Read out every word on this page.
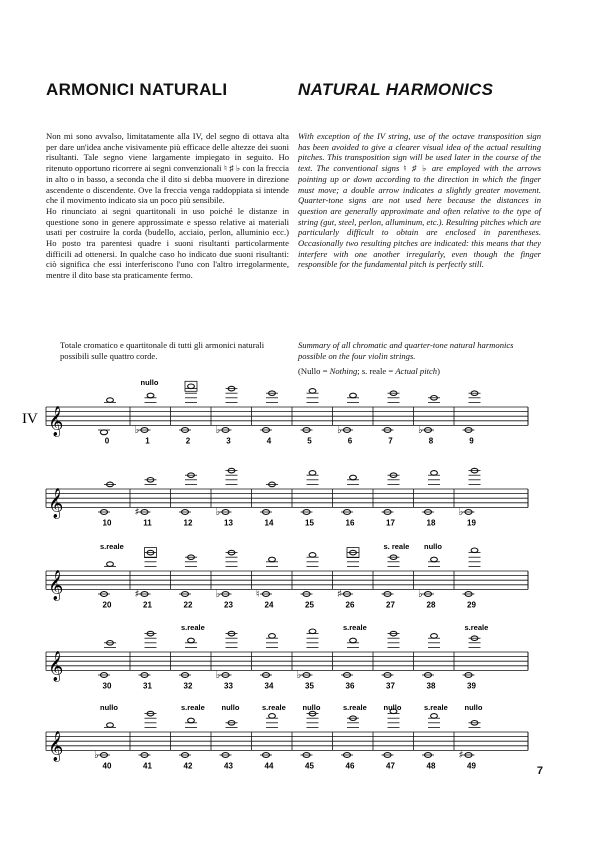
ARMONICI NATURALI	NATURAL HARMONICS

Non mi sono avvalso, limitatamente alla IV, del segno di ottava alta per dare un'idea anche visivamente più efficace delle altezze dei suoni risultanti. Tale segno viene largamente impiegato in seguito. Ho ritenuto opportuno ricorrere ai segni convenzionali ♮ ♯ ♭ con la freccia in alto o in basso, a seconda che il dito si debba muovere in direzione ascendente o discendente. Ove la freccia venga raddoppiata si intende che il movimento indicato sia un poco più sensibile.

Ho rinunciato ai segni quartitonali in uso poiché le distanze in questione sono in genere approssimate e spesso relative ai materiali usati per costruire la corda (budello, acciaio, perlon, alluminio ecc.) Ho posto tra parentesi quadre i suoni risultanti particolarmente difficili ad ottenersi. In qualche caso ho indicato due suoni risultanti: ciò significa che essi interferiscono l'uno con l'altro irregolarmente, mentre il dito base sta praticamente fermo.

With exception of the IV string, use of the octave transposition sign has been avoided to give a clearer visual idea of the actual resulting pitches. This transposition sign will be used later in the course of the text. The conventional signs ♮ ♯ ♭ are employed with the arrows pointing up or down according to the direction in which the finger must move; a double arrow indicates a slightly greater movement. Quarter-tone signs are not used here because the distances in question are generally approximate and often relative to the type of string (gut, steel, perlon, alluminum, etc.). Resulting pitches which are particularly difficult to obtain are enclosed in parentheses. Occasionally two resulting pitches are indicated: this means that they interfere with one another irregularly, even though the finger responsible for the fundamental pitch is perfectly still.

Totale cromatico e quartitonale di tutti gli armonici naturali possibili sulle quattro corde.
Summary of all chromatic and quarter-tone natural harmonics possible on the four violin strings.
(Nullo = Nothing; s. reale = Actual pitch)
IV 𝄞
0
♭
nullo
1	2
♭
3	4	5
♭
6	7
♭
8	9
𝄞
10
♯
11	12
♭
13	14	15	16	17	18
♭
19
𝄞
s.reale
20
♯
21	22
♭
23
♮
24	25
♯
26
s. reale
27
♭
nullo
28	29
𝄞
30	31
s.reale
32
♭
33	34
♭
35
s.reale
36	37	38
s.reale
39
𝄞	♭
nullo
40	41
s.reale
42
nullo
43
s.reale
44
nullo
45
s.reale
46
nullo
47
s.reale
48
♯
nullo
49	7
